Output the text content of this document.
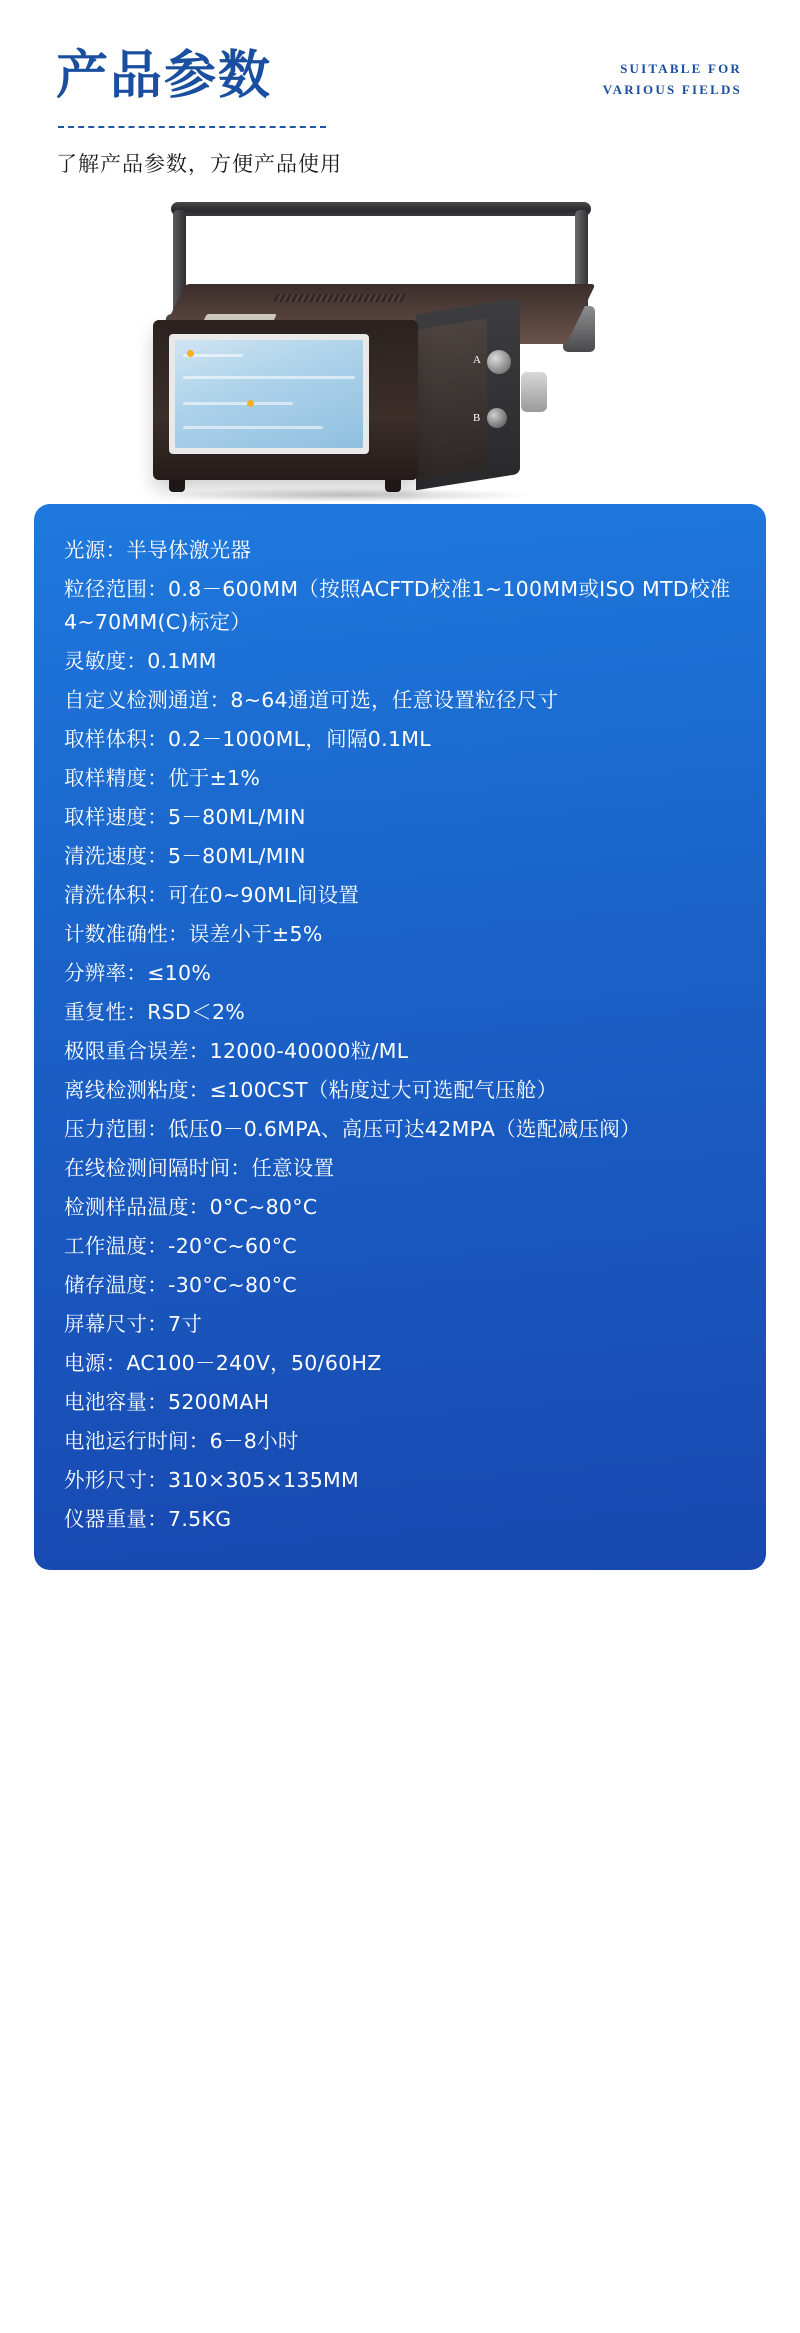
产品参数
了解产品参数，方便产品使用
SUITABLE FOR
VARIOUS FIELDS
A
B
光源：半导体激光器
粒径范围：0.8－600MM（按照ACFTD校准1~100MM或ISO MTD校准4~70MM(C)标定）
灵敏度：0.1MM
自定义检测通道：8~64通道可选，任意设置粒径尺寸
取样体积：0.2－1000ML，间隔0.1ML
取样精度：优于±1%
取样速度：5－80ML/MIN
清洗速度：5－80ML/MIN
清洗体积：可在0~90ML间设置
计数准确性：误差小于±5%
分辨率：≤10%
重复性：RSD＜2%
极限重合误差：12000-40000粒/ML
离线检测粘度：≤100CST（粘度过大可选配气压舱）
压力范围：低压0－0.6MPA、高压可达42MPA（选配减压阀）
在线检测间隔时间：任意设置
检测样品温度：0°C~80°C
工作温度：-20°C~60°C
储存温度：-30°C~80°C
屏幕尺寸：7寸
电源：AC100－240V，50/60HZ
电池容量：5200MAH
电池运行时间：6－8小时
外形尺寸：310×305×135MM
仪器重量：7.5KG
